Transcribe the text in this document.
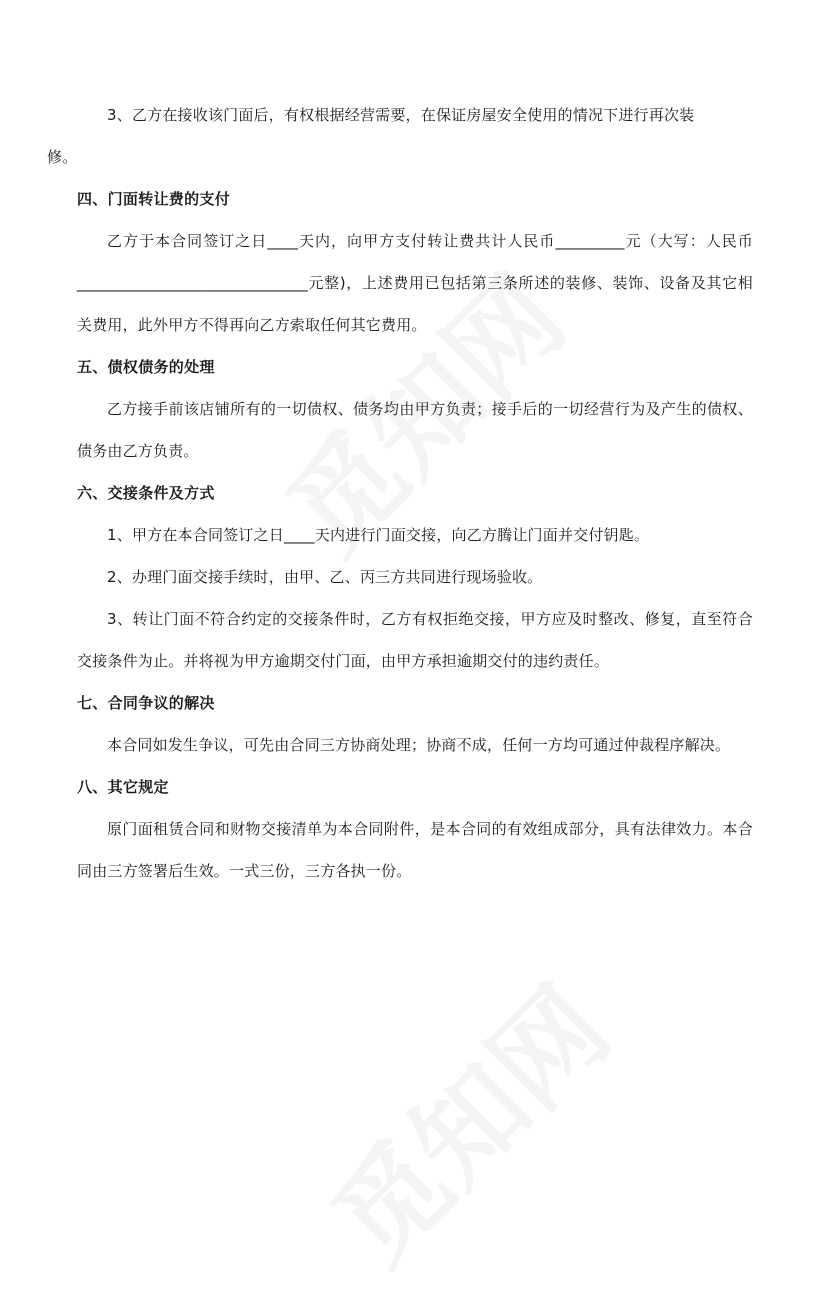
3、乙方在接收该门面后，有权根据经营需要，在保证房屋安全使用的情况下进行再次装
修。

四、门面转让费的支付

乙方于本合同签订之日____天内，向甲方支付转让费共计人民币_________元（大写：人民币______________________________元整)，上述费用已包括第三条所述的装修、装饰、设备及其它相关费用，此外甲方不得再向乙方索取任何其它费用。

五、债权债务的处理

乙方接手前该店铺所有的一切债权、债务均由甲方负责；接手后的一切经营行为及产生的债权、债务由乙方负责。

六、交接条件及方式

1、甲方在本合同签订之日____天内进行门面交接，向乙方腾让门面并交付钥匙。

2、办理门面交接手续时，由甲、乙、丙三方共同进行现场验收。

3、转让门面不符合约定的交接条件时，乙方有权拒绝交接，甲方应及时整改、修复，直至符合交接条件为止。并将视为甲方逾期交付门面，由甲方承担逾期交付的违约责任。

七、合同争议的解决

本合同如发生争议，可先由合同三方协商处理；协商不成，任何一方均可通过仲裁程序解决。

八、其它规定

原门面租赁合同和财物交接清单为本合同附件，是本合同的有效组成部分，具有法律效力。本合同由三方签署后生效。一式三份，三方各执一份。
